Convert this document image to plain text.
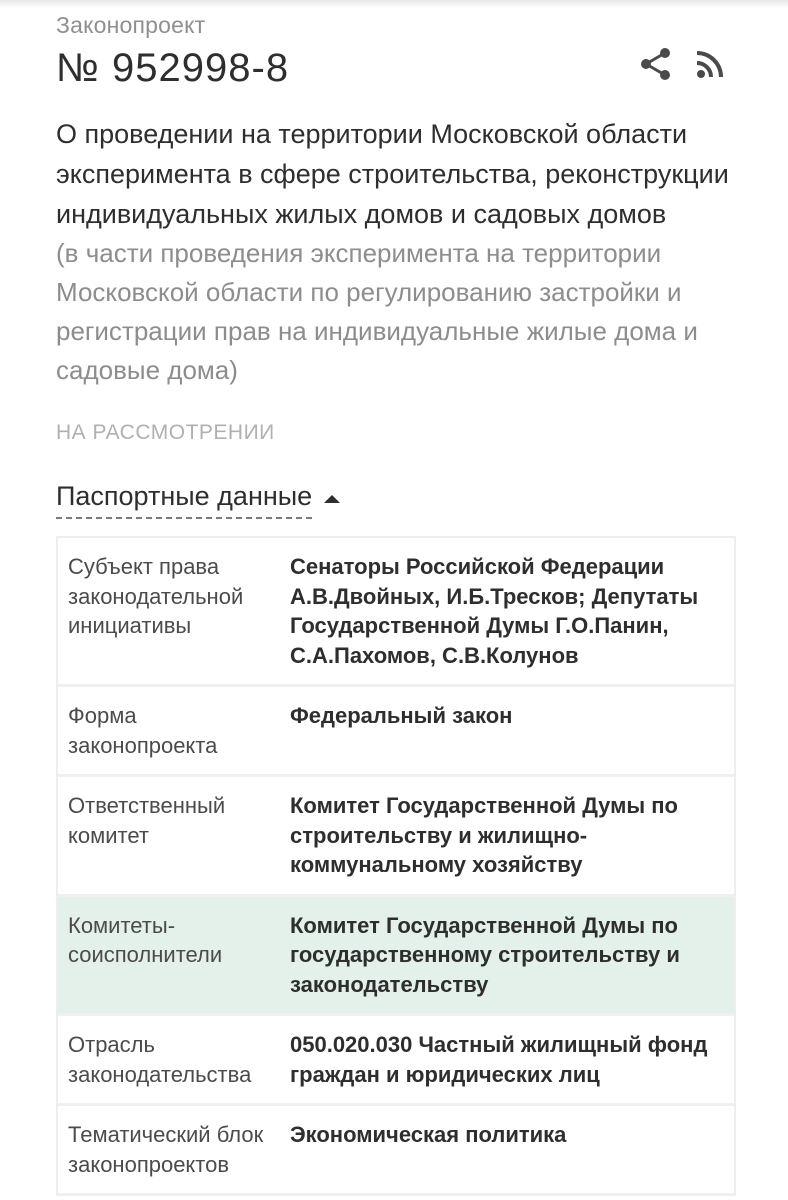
Законопроект
№ 952998-8

О проведении на территории Московской области эксперимента в сфере строительства, реконструкции индивидуальных жилых домов и садовых домов

(в части проведения эксперимента на территории Московской области по регулированию застройки и регистрации прав на индивидуальные жилые дома и садовые дома)

НА РАССМОТРЕНИИ
Паспортные данные
Субъект права законодательной инициативы
Сенаторы Российской Федерации А.В.Двойных, И.Б.Тресков; Депутаты Государственной Думы Г.О.Панин, С.А.Пахомов, С.В.Колунов
Форма законопроекта
Федеральный закон
Ответственный комитет
Комитет Государственной Думы по строительству и жилищно-коммунальному хозяйству
Комитеты-соисполнители
Комитет Государственной Думы по государственному строительству и законодательству
Отрасль законодательства
050.020.030 Частный жилищный фонд граждан и юридических лиц
Тематический блок законопроектов
Экономическая политика
